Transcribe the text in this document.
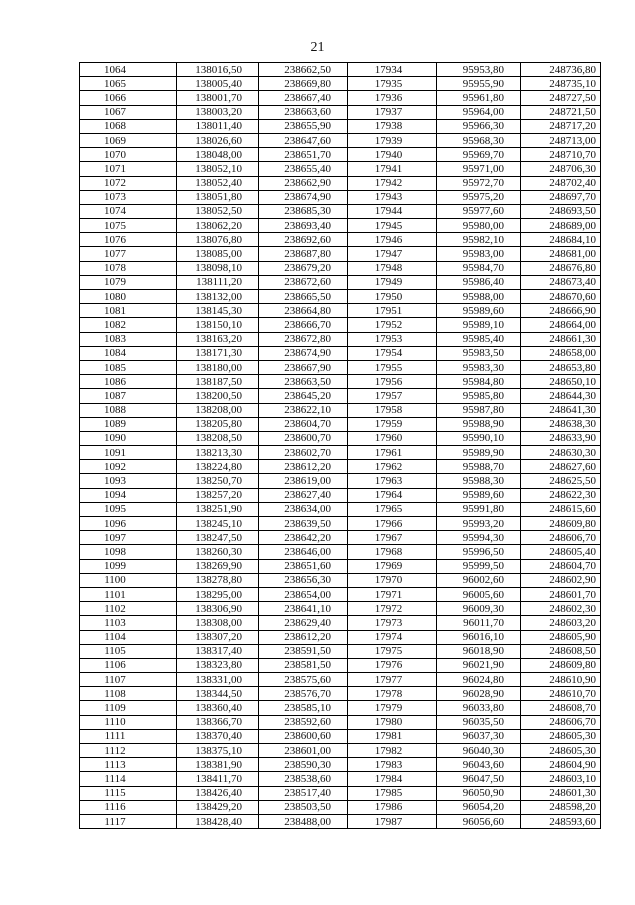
21
1064	138016,50	238662,50	17934	95953,80	248736,80
1065	138005,40	238669,80	17935	95955,90	248735,10
1066	138001,70	238667,40	17936	95961,80	248727,50
1067	138003,20	238663,60	17937	95964,00	248721,50
1068	138011,40	238655,90	17938	95966,30	248717,20
1069	138026,60	238647,60	17939	95968,30	248713,00
1070	138048,00	238651,70	17940	95969,70	248710,70
1071	138052,10	238655,40	17941	95971,00	248706,30
1072	138052,40	238662,90	17942	95972,70	248702,40
1073	138051,80	238674,90	17943	95975,20	248697,70
1074	138052,50	238685,30	17944	95977,60	248693,50
1075	138062,20	238693,40	17945	95980,00	248689,00
1076	138076,80	238692,60	17946	95982,10	248684,10
1077	138085,00	238687,80	17947	95983,00	248681,00
1078	138098,10	238679,20	17948	95984,70	248676,80
1079	138111,20	238672,60	17949	95986,40	248673,40
1080	138132,00	238665,50	17950	95988,00	248670,60
1081	138145,30	238664,80	17951	95989,60	248666,90
1082	138150,10	238666,70	17952	95989,10	248664,00
1083	138163,20	238672,80	17953	95985,40	248661,30
1084	138171,30	238674,90	17954	95983,50	248658,00
1085	138180,00	238667,90	17955	95983,30	248653,80
1086	138187,50	238663,50	17956	95984,80	248650,10
1087	138200,50	238645,20	17957	95985,80	248644,30
1088	138208,00	238622,10	17958	95987,80	248641,30
1089	138205,80	238604,70	17959	95988,90	248638,30
1090	138208,50	238600,70	17960	95990,10	248633,90
1091	138213,30	238602,70	17961	95989,90	248630,30
1092	138224,80	238612,20	17962	95988,70	248627,60
1093	138250,70	238619,00	17963	95988,30	248625,50
1094	138257,20	238627,40	17964	95989,60	248622,30
1095	138251,90	238634,00	17965	95991,80	248615,60
1096	138245,10	238639,50	17966	95993,20	248609,80
1097	138247,50	238642,20	17967	95994,30	248606,70
1098	138260,30	238646,00	17968	95996,50	248605,40
1099	138269,90	238651,60	17969	95999,50	248604,70
1100	138278,80	238656,30	17970	96002,60	248602,90
1101	138295,00	238654,00	17971	96005,60	248601,70
1102	138306,90	238641,10	17972	96009,30	248602,30
1103	138308,00	238629,40	17973	96011,70	248603,20
1104	138307,20	238612,20	17974	96016,10	248605,90
1105	138317,40	238591,50	17975	96018,90	248608,50
1106	138323,80	238581,50	17976	96021,90	248609,80
1107	138331,00	238575,60	17977	96024,80	248610,90
1108	138344,50	238576,70	17978	96028,90	248610,70
1109	138360,40	238585,10	17979	96033,80	248608,70
1110	138366,70	238592,60	17980	96035,50	248606,70
1111	138370,40	238600,60	17981	96037,30	248605,30
1112	138375,10	238601,00	17982	96040,30	248605,30
1113	138381,90	238590,30	17983	96043,60	248604,90
1114	138411,70	238538,60	17984	96047,50	248603,10
1115	138426,40	238517,40	17985	96050,90	248601,30
1116	138429,20	238503,50	17986	96054,20	248598,20
1117	138428,40	238488,00	17987	96056,60	248593,60
